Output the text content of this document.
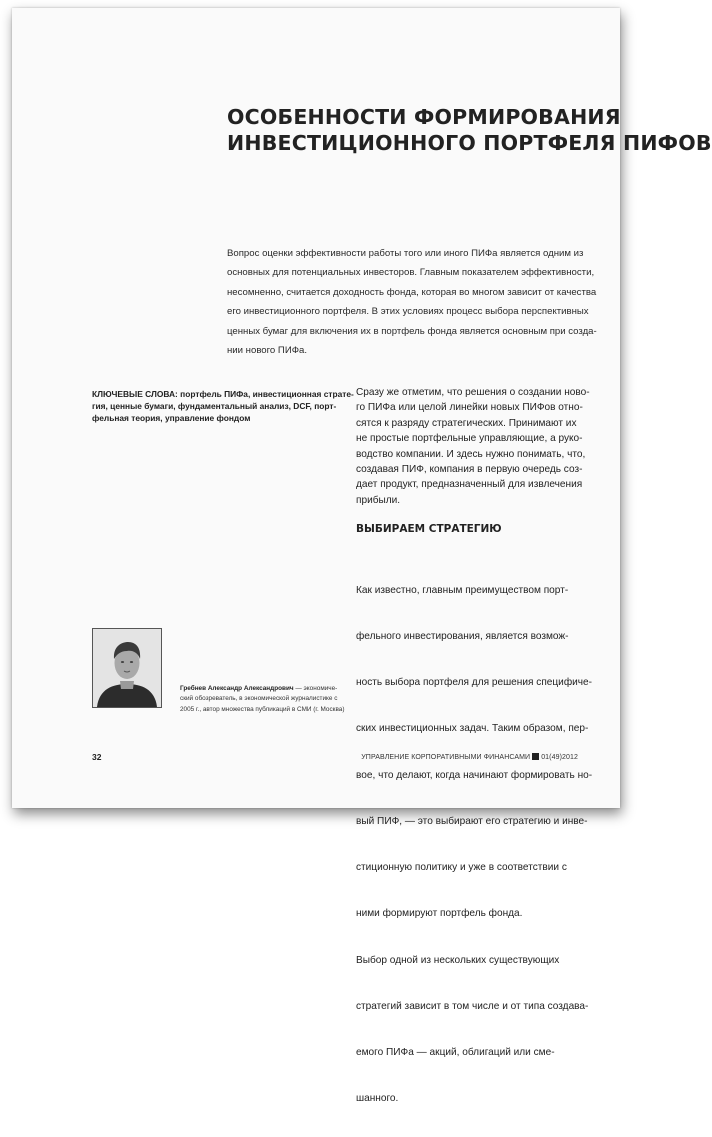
ОСОБЕННОСТИ ФОРМИРОВАНИЯ
ИНВЕСТИЦИОННОГО ПОРТФЕЛЯ ПИФОВ

Вопрос оценки эффективности работы того или иного ПИФа является одним из
основных для потенциальных инвесторов. Главным показателем эффективности,
несомненно, считается доходность фонда, которая во многом зависит от качества
его инвестиционного портфеля. В этих условиях процесс выбора перспективных
ценных бумаг для включения их в портфель фонда является основным при созда-
нии нового ПИФа.

КЛЮЧЕВЫЕ СЛОВА: портфель ПИФа, инвестиционная страте-
гия, ценные бумаги, фундаментальный анализ, DCF, порт-
фельная теория, управление фондом

Сразу же отметим, что решения о создании ново-
го ПИФа или целой линейки новых ПИФов отно-
сятся к разряду стратегических. Принимают их
не простые портфельные управляющие, а руко-
водство компании. И здесь нужно понимать, что,
создавая ПИФ, компания в первую очередь соз-
дает продукт, предназначенный для извлечения
прибыли.

ВЫБИРАЕМ СТРАТЕГИЮ

Как известно, главным преимуществом порт-

фельного инвестирования, является возмож-

ность выбора портфеля для решения специфиче-

ских инвестиционных задач. Таким образом, пер-

вое, что делают, когда начинают формировать но-

вый ПИФ, — это выбирают его стратегию и инве-

стиционную политику и уже в соответствии с

ними формируют портфель фонда.

Выбор одной из нескольких существующих

стратегий зависит в том числе и от типа создава-

емого ПИФа — акций, облигаций или сме-

шанного.

Гребнев Александр Александрович — экономиче-
ский обозреватель, в экономической журналистике с
2005 г., автор множества публикаций в СМИ (г. Москва)

32	УПРАВЛЕНИЕ КОРПОРАТИВНЫМИ ФИНАНСАМИ 01(49)2012
